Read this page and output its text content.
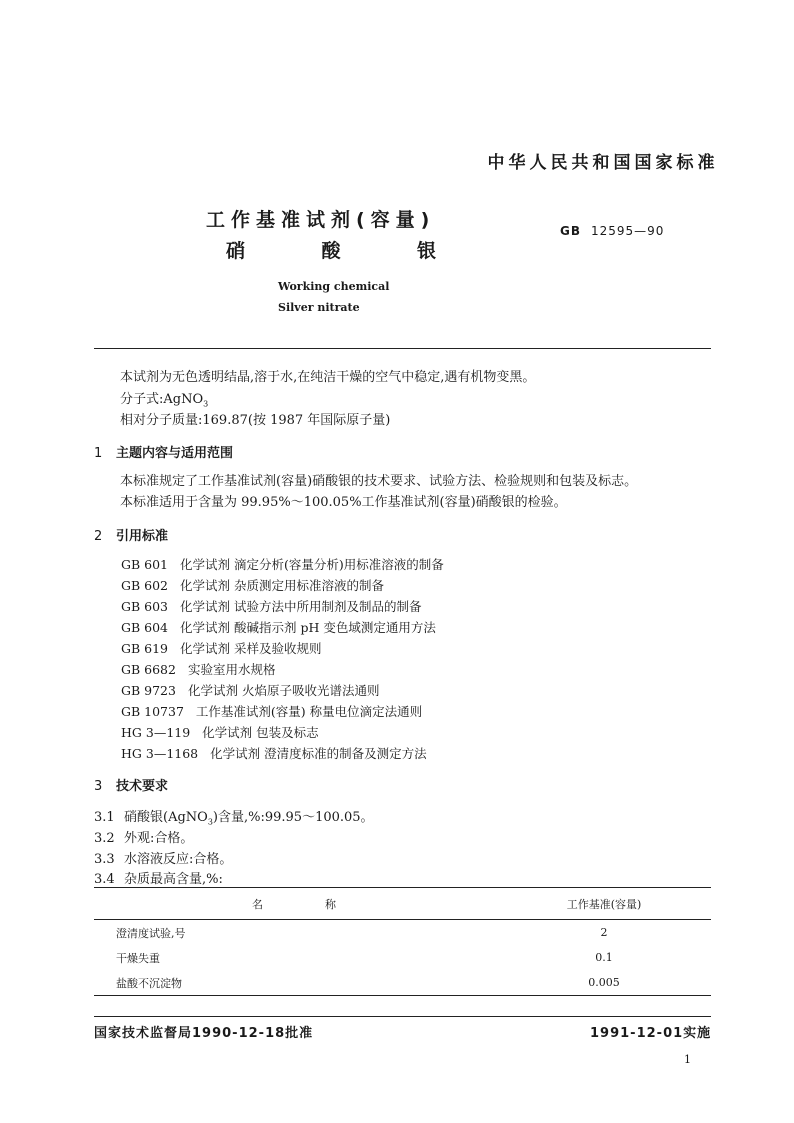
中华人民共和国国家标准
工作基准试剂(容量)
硝	酸	银
GB 12595—90
Working chemical
Silver nitrate
本试剂为无色透明结晶,溶于水,在纯洁干燥的空气中稳定,遇有机物变黑。
分子式:AgNO$_3$
相对分子质量:169.87(按 1987 年国际原子量)
1 主题内容与适用范围
本标准规定了工作基准试剂(容量)硝酸银的技术要求、试验方法、检验规则和包装及标志。
本标准适用于含量为 99.95%～100.05%工作基准试剂(容量)硝酸银的检验。
2 引用标准
GB 601 化学试剂 滴定分析(容量分析)用标准溶液的制备
GB 602 化学试剂 杂质测定用标准溶液的制备
GB 603 化学试剂 试验方法中所用制剂及制品的制备
GB 604 化学试剂 酸碱指示剂 pH 变色域测定通用方法
GB 619 化学试剂 采样及验收规则
GB 6682 实验室用水规格
GB 9723 化学试剂 火焰原子吸收光谱法通则
GB 10737 工作基准试剂(容量) 称量电位滴定法通则
HG 3—119 化学试剂 包装及标志
HG 3—1168 化学试剂 澄清度标准的制备及测定方法
3 技术要求
3.1 硝酸银(AgNO$_3$)含量,%:99.95～100.05。
3.2 外观:合格。
3.3 水溶液反应:合格。
3.4 杂质最高含量,%:
名 称	工作基准(容量)
澄清度试验,号	2
干燥失重	0.1
盐酸不沉淀物	0.005
国家技术监督局1990-12-18批准	1991-12-01实施
1
